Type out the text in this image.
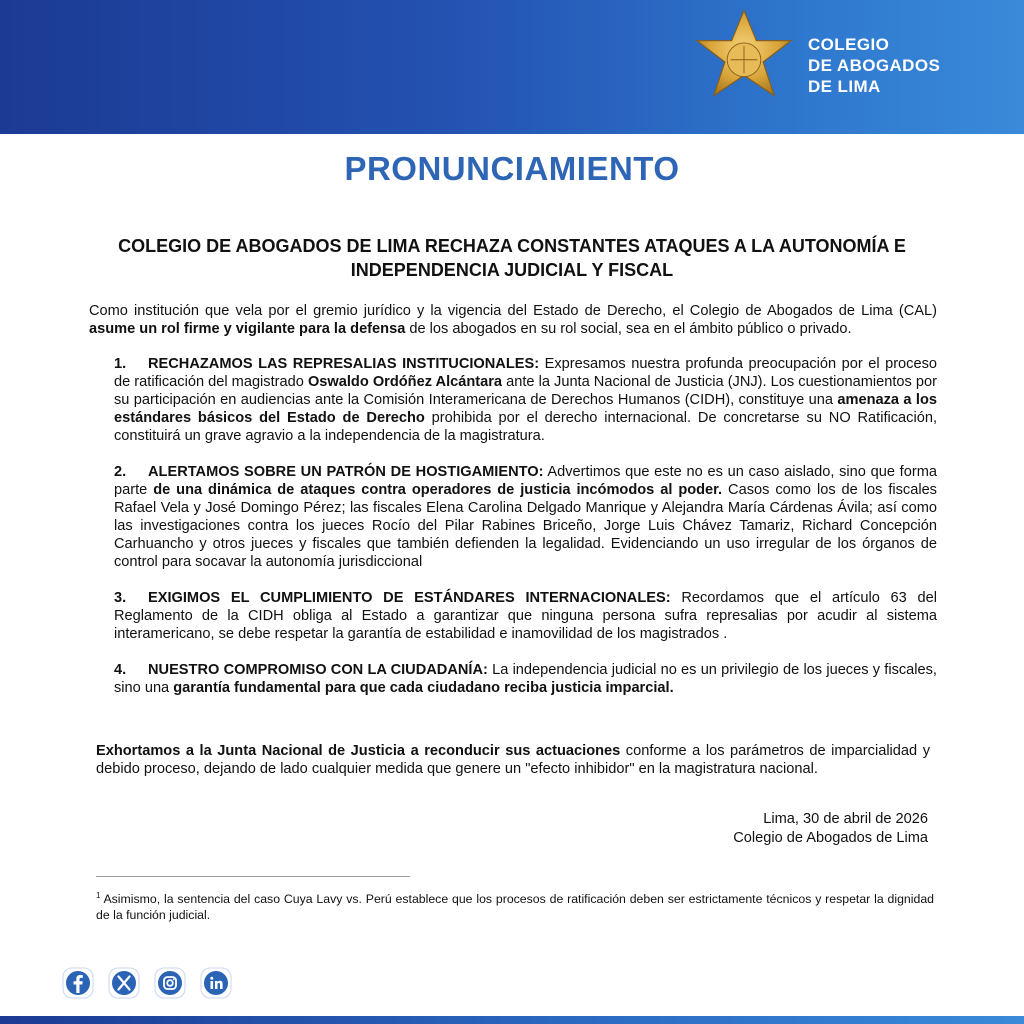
COLEGIO
DE ABOGADOS
DE LIMA
PRONUNCIAMIENTO
COLEGIO DE ABOGADOS DE LIMA RECHAZA CONSTANTES ATAQUES A LA AUTONOMÍA E INDEPENDENCIA JUDICIAL Y FISCAL

Como institución que vela por el gremio jurídico y la vigencia del Estado de Derecho, el Colegio de Abogados de Lima (CAL) asume un rol firme y vigilante para la defensa de los abogados en su rol social, sea en el ámbito público o privado.

1. RECHAZAMOS LAS REPRESALIAS INSTITUCIONALES: Expresamos nuestra profunda preocupación por el proceso de ratificación del magistrado Oswaldo Ordóñez Alcántara ante la Junta Nacional de Justicia (JNJ). Los cuestionamientos por su participación en audiencias ante la Comisión Interamericana de Derechos Humanos (CIDH), constituye una amenaza a los estándares básicos del Estado de Derecho prohibida por el derecho internacional. De concretarse su NO Ratificación, constituirá un grave agravio a la independencia de la magistratura.
2. ALERTAMOS SOBRE UN PATRÓN DE HOSTIGAMIENTO: Advertimos que este no es un caso aislado, sino que forma parte de una dinámica de ataques contra operadores de justicia incómodos al poder. Casos como los de los fiscales Rafael Vela y José Domingo Pérez; las fiscales Elena Carolina Delgado Manrique y Alejandra María Cárdenas Ávila; así como las investigaciones contra los jueces Rocío del Pilar Rabines Briceño, Jorge Luis Chávez Tamariz, Richard Concepción Carhuancho y otros jueces y fiscales que también defienden la legalidad. Evidenciando un uso irregular de los órganos de control para socavar la autonomía jurisdiccional
3. EXIGIMOS EL CUMPLIMIENTO DE ESTÁNDARES INTERNACIONALES: Recordamos que el artículo 63 del Reglamento de la CIDH obliga al Estado a garantizar que ninguna persona sufra represalias por acudir al sistema interamericano, se debe respetar la garantía de estabilidad e inamovilidad de los magistrados .
4. NUESTRO COMPROMISO CON LA CIUDADANÍA: La independencia judicial no es un privilegio de los jueces y fiscales, sino una garantía fundamental para que cada ciudadano reciba justicia imparcial.

Exhortamos a la Junta Nacional de Justicia a reconducir sus actuaciones conforme a los parámetros de imparcialidad y debido proceso, dejando de lado cualquier medida que genere un "efecto inhibidor" en la magistratura nacional.

Lima, 30 de abril de 2026
Colegio de Abogados de Lima

$^1$ Asimismo, la sentencia del caso Cuya Lavy vs. Perú establece que los procesos de ratificación deben ser estrictamente técnicos y respetar la dignidad de la función judicial.
